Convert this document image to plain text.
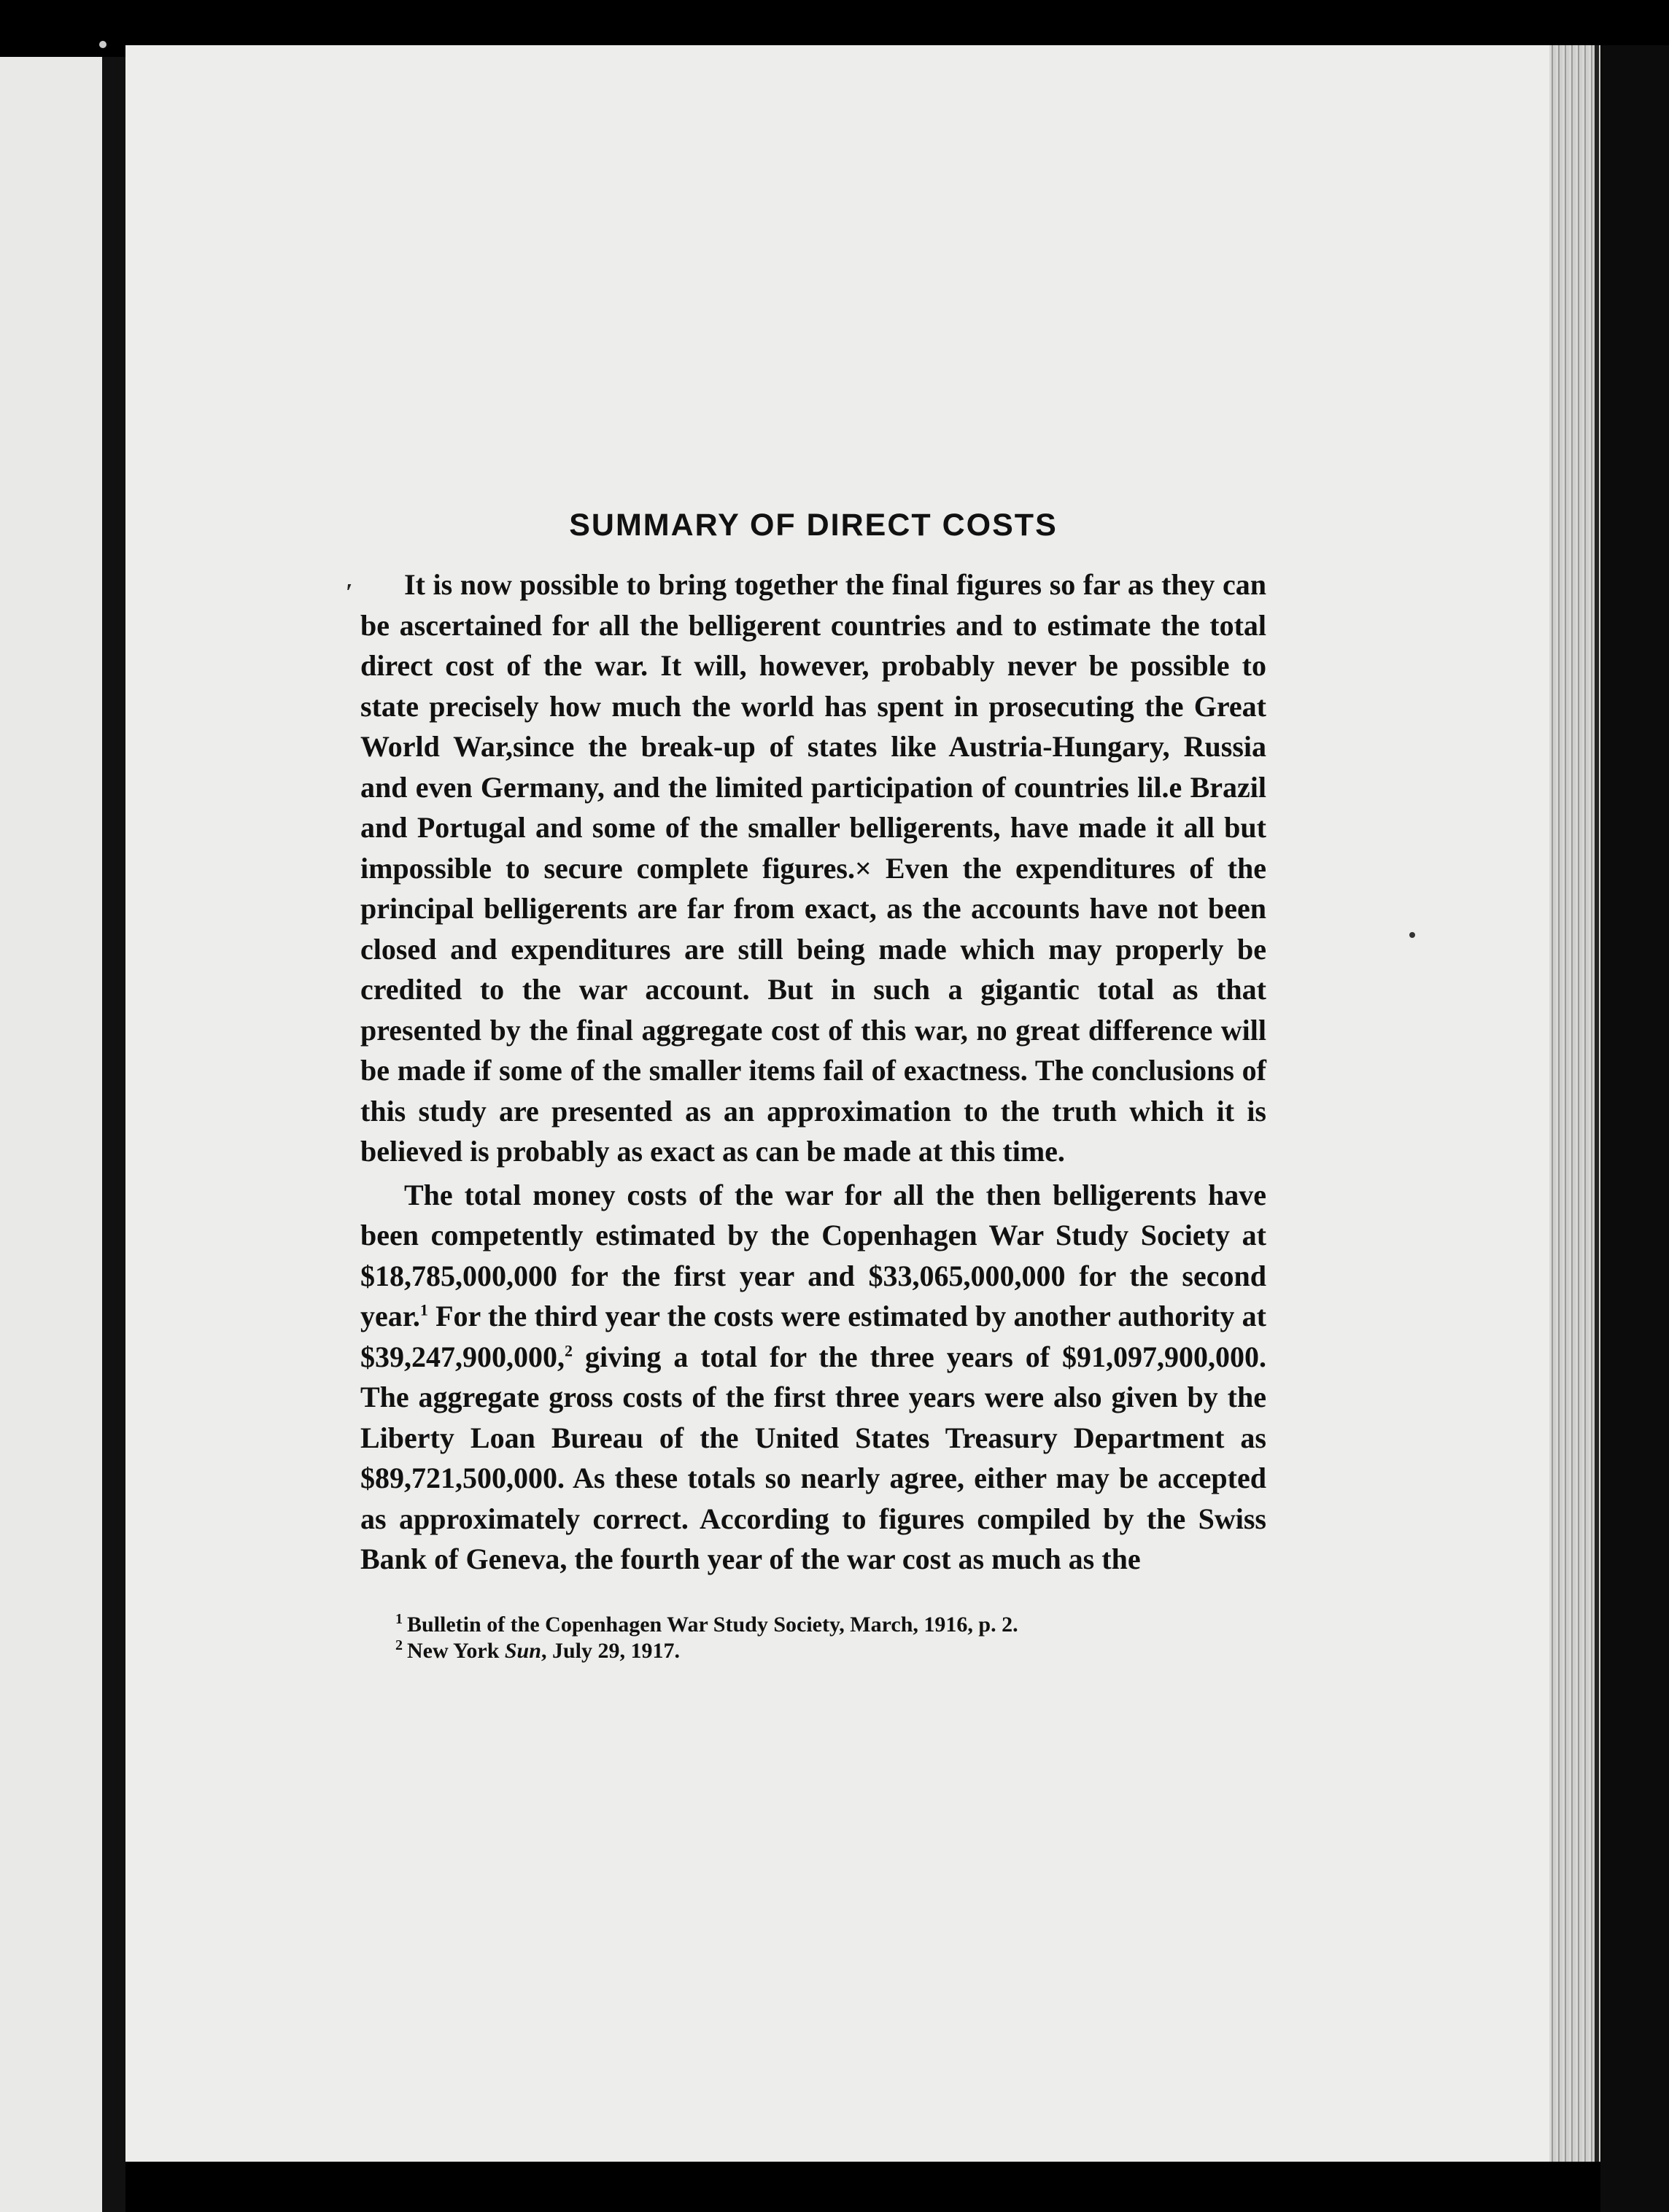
′
SUMMARY OF DIRECT COSTS

It is now possible to bring together the final figures so far as they can be ascertained for all the belligerent countries and to estimate the total direct cost of the war. It will, however, probably never be possible to state precisely how much the world has spent in prosecuting the Great World War,since the break-up of states like Austria-Hungary, Russia and even Germany, and the limited participation of countries lil.e Brazil and Portugal and some of the smaller belligerents, have made it all but impossible to secure complete figures.× Even the expenditures of the principal belligerents are far from exact, as the accounts have not been closed and expenditures are still being made which may properly be credited to the war account. But in such a gigantic total as that presented by the final aggregate cost of this war, no great difference will be made if some of the smaller items fail of exactness. The conclusions of this study are presented as an approximation to the truth which it is believed is probably as exact as can be made at this time.

The total money costs of the war for all the then belligerents have been competently estimated by the Copenhagen War Study Society at $18,785,000,000 for the first year and $33,065,000,000 for the second year.$^1$ For the third year the costs were estimated by another authority at $39,247,900,000,$^2$ giving a total for the three years of $91,097,900,000. The aggregate gross costs of the first three years were also given by the Liberty Loan Bureau of the United States Treasury Department as $89,721,500,000. As these totals so nearly agree, either may be accepted as approximately correct. According to figures compiled by the Swiss Bank of Geneva, the fourth year of the war cost as much as the

$^1$ Bulletin of the Copenhagen War Study Society, March, 1916, p. 2.
$^2$ New York Sun, July 29, 1917.
